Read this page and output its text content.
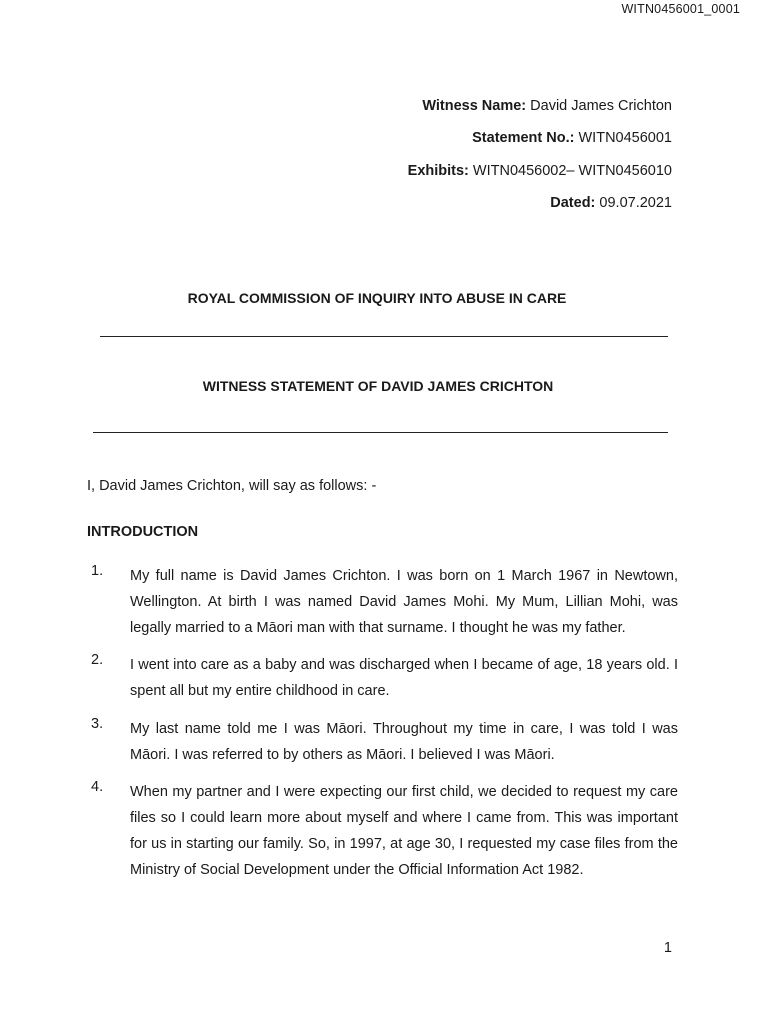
WITN0456001_0001
Witness Name: David James Crichton
Statement No.: WITN0456001
Exhibits: WITN0456002– WITN0456010
Dated: 09.07.2021
ROYAL COMMISSION OF INQUIRY INTO ABUSE IN CARE
WITNESS STATEMENT OF DAVID JAMES CRICHTON
I, David James Crichton, will say as follows: -
INTRODUCTION
1. My full name is David James Crichton. I was born on 1 March 1967 in Newtown, Wellington. At birth I was named David James Mohi. My Mum, Lillian Mohi, was legally married to a Māori man with that surname. I thought he was my father.
2. I went into care as a baby and was discharged when I became of age, 18 years old. I spent all but my entire childhood in care.
3. My last name told me I was Māori. Throughout my time in care, I was told I was Māori. I was referred to by others as Māori. I believed I was Māori.
4. When my partner and I were expecting our first child, we decided to request my care files so I could learn more about myself and where I came from. This was important for us in starting our family. So, in 1997, at age 30, I requested my case files from the Ministry of Social Development under the Official Information Act 1982.
1
